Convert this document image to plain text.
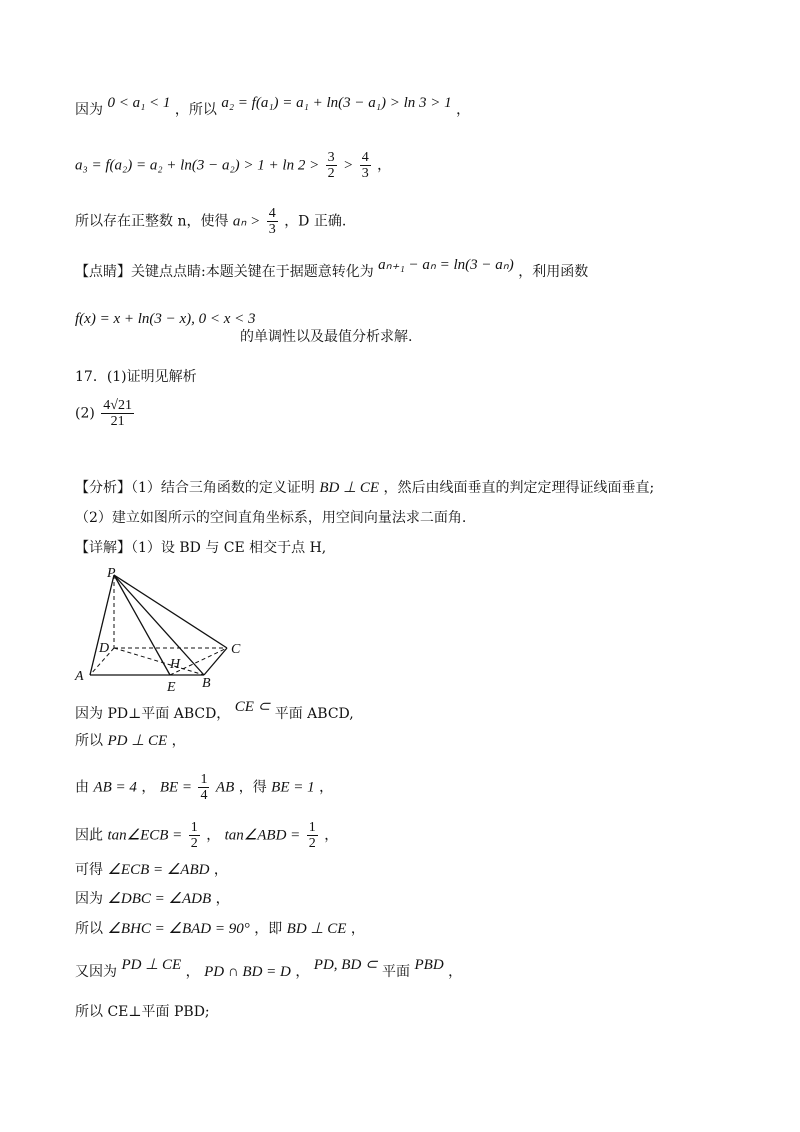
因为 0 < a₁ < 1 ，所以 a₂ = f(a₁) = a₁ + ln(3 − a₁) > ln 3 > 1 ，
$a_3 = f(a_2) = a_2 + \ln(3 - a_2) > 1 + \ln 2 > \frac{3}{2} > \frac{4}{3}$ ，
所以存在正整数 n，使得 $a_n > \frac{4}{3}$ ，D 正确.
【点睛】关键点点睛:本题关键在于据题意转化为 aₙ₊₁ − aₙ = ln(3 − aₙ) ，利用函数
f(x) = x + ln(3 − x), 0 < x < 3
的单调性以及最值分析求解.
17．(1)证明见解析
$(2) \frac{4√21}{21}$
【分析】（1）结合三角函数的定义证明 BD ⊥ CE ，然后由线面垂直的判定定理得证线面垂直;
（2）建立如图所示的空间直角坐标系，用空间向量法求二面角.
【详解】（1）设 BD 与 CE 相交于点 H,
P
D	C
H
A
E B
因为 PD⊥平面 ABCD， CE ⊂ 平面 ABCD,
所以 PD ⊥ CE ，
由 AB = 4 ， BE = $\frac{1}{4}$ AB ，得 BE = 1 ，
因此 tan∠ECB = $\frac{1}{2}$ ， tan∠ABD = $\frac{1}{2}$ ，
可得 ∠ECB = ∠ABD ，
因为 ∠DBC = ∠ADB ，
所以 ∠BHC = ∠BAD = 90° ，即 BD ⊥ CE ，
又因为 PD ⊥ CE ， PD ∩ BD = D ， PD, BD ⊂ 平面 PBD ，
所以 CE⊥平面 PBD;
